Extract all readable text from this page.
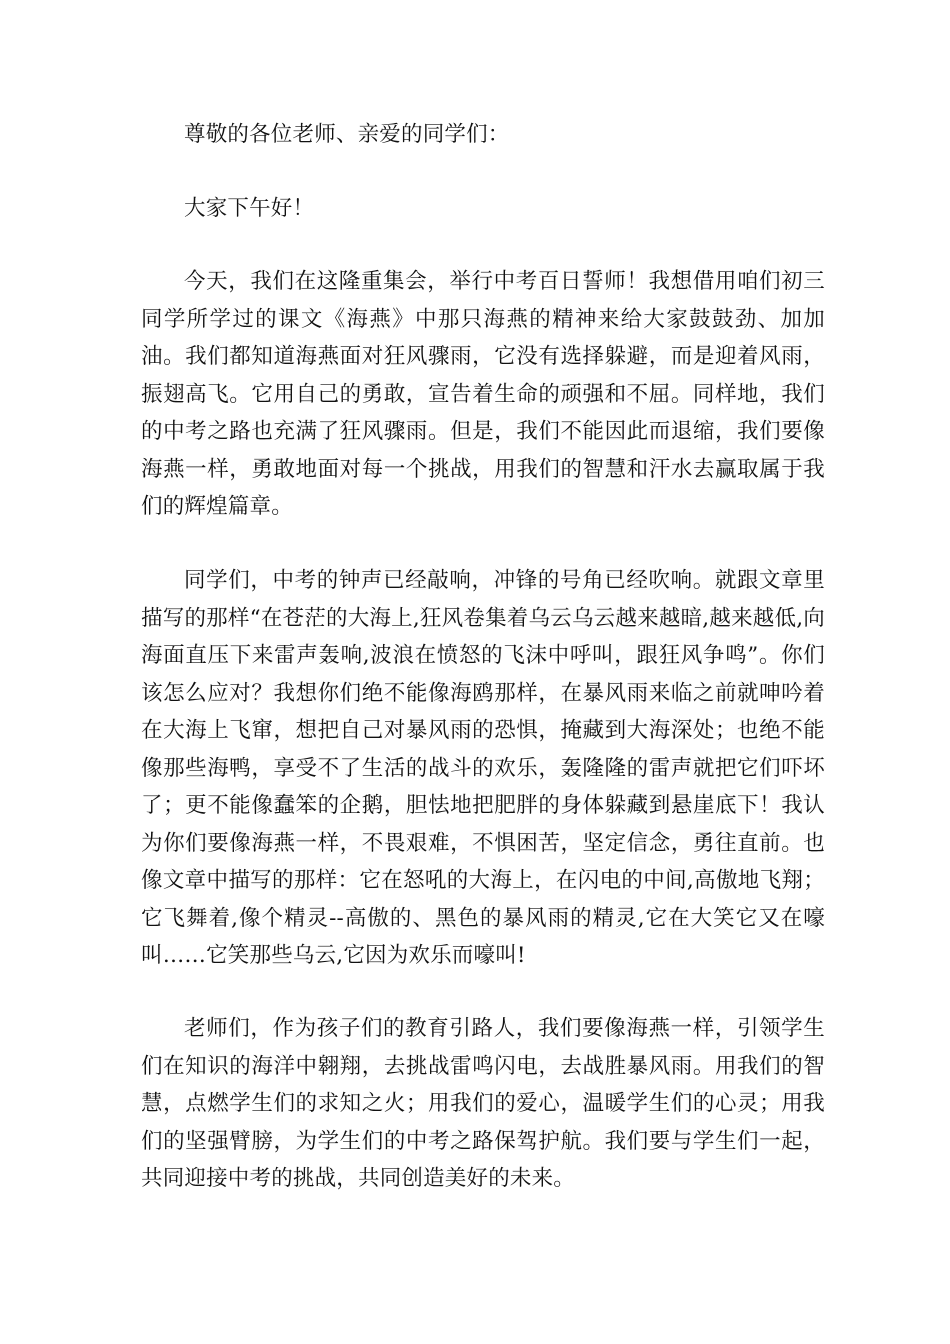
尊敬的各位老师、亲爱的同学们：

大家下午好！

今天，我们在这隆重集会，举行中考百日誓师！我想借用咱们初三同学所学过的课文《海燕》中那只海燕的精神来给大家鼓鼓劲、加加油。我们都知道海燕面对狂风骤雨，它没有选择躲避，而是迎着风雨，振翅高飞。它用自己的勇敢，宣告着生命的顽强和不屈。同样地，我们的中考之路也充满了狂风骤雨。但是，我们不能因此而退缩，我们要像海燕一样，勇敢地面对每一个挑战，用我们的智慧和汗水去赢取属于我们的辉煌篇章。

同学们，中考的钟声已经敲响，冲锋的号角已经吹响。就跟文章里描写的那样“在苍茫的大海上,狂风卷集着乌云乌云越来越暗,越来越低,向海面直压下来雷声轰响,波浪在愤怒的飞沫中呼叫，跟狂风争鸣”。你们该怎么应对？我想你们绝不能像海鸥那样，在暴风雨来临之前就呻吟着在大海上飞窜，想把自己对暴风雨的恐惧，掩藏到大海深处；也绝不能像那些海鸭，享受不了生活的战斗的欢乐，轰隆隆的雷声就把它们吓坏了；更不能像蠢笨的企鹅，胆怯地把肥胖的身体躲藏到悬崖底下！我认为你们要像海燕一样，不畏艰难，不惧困苦，坚定信念，勇往直前。也像文章中描写的那样：它在怒吼的大海上，在闪电的中间,高傲地飞翔；它飞舞着,像个精灵--高傲的、黑色的暴风雨的精灵,它在大笑它又在嚎叫……它笑那些乌云,它因为欢乐而嚎叫!

老师们，作为孩子们的教育引路人，我们要像海燕一样，引领学生们在知识的海洋中翱翔，去挑战雷鸣闪电，去战胜暴风雨。用我们的智慧，点燃学生们的求知之火；用我们的爱心，温暖学生们的心灵；用我们的坚强臂膀，为学生们的中考之路保驾护航。我们要与学生们一起，共同迎接中考的挑战，共同创造美好的未来。
